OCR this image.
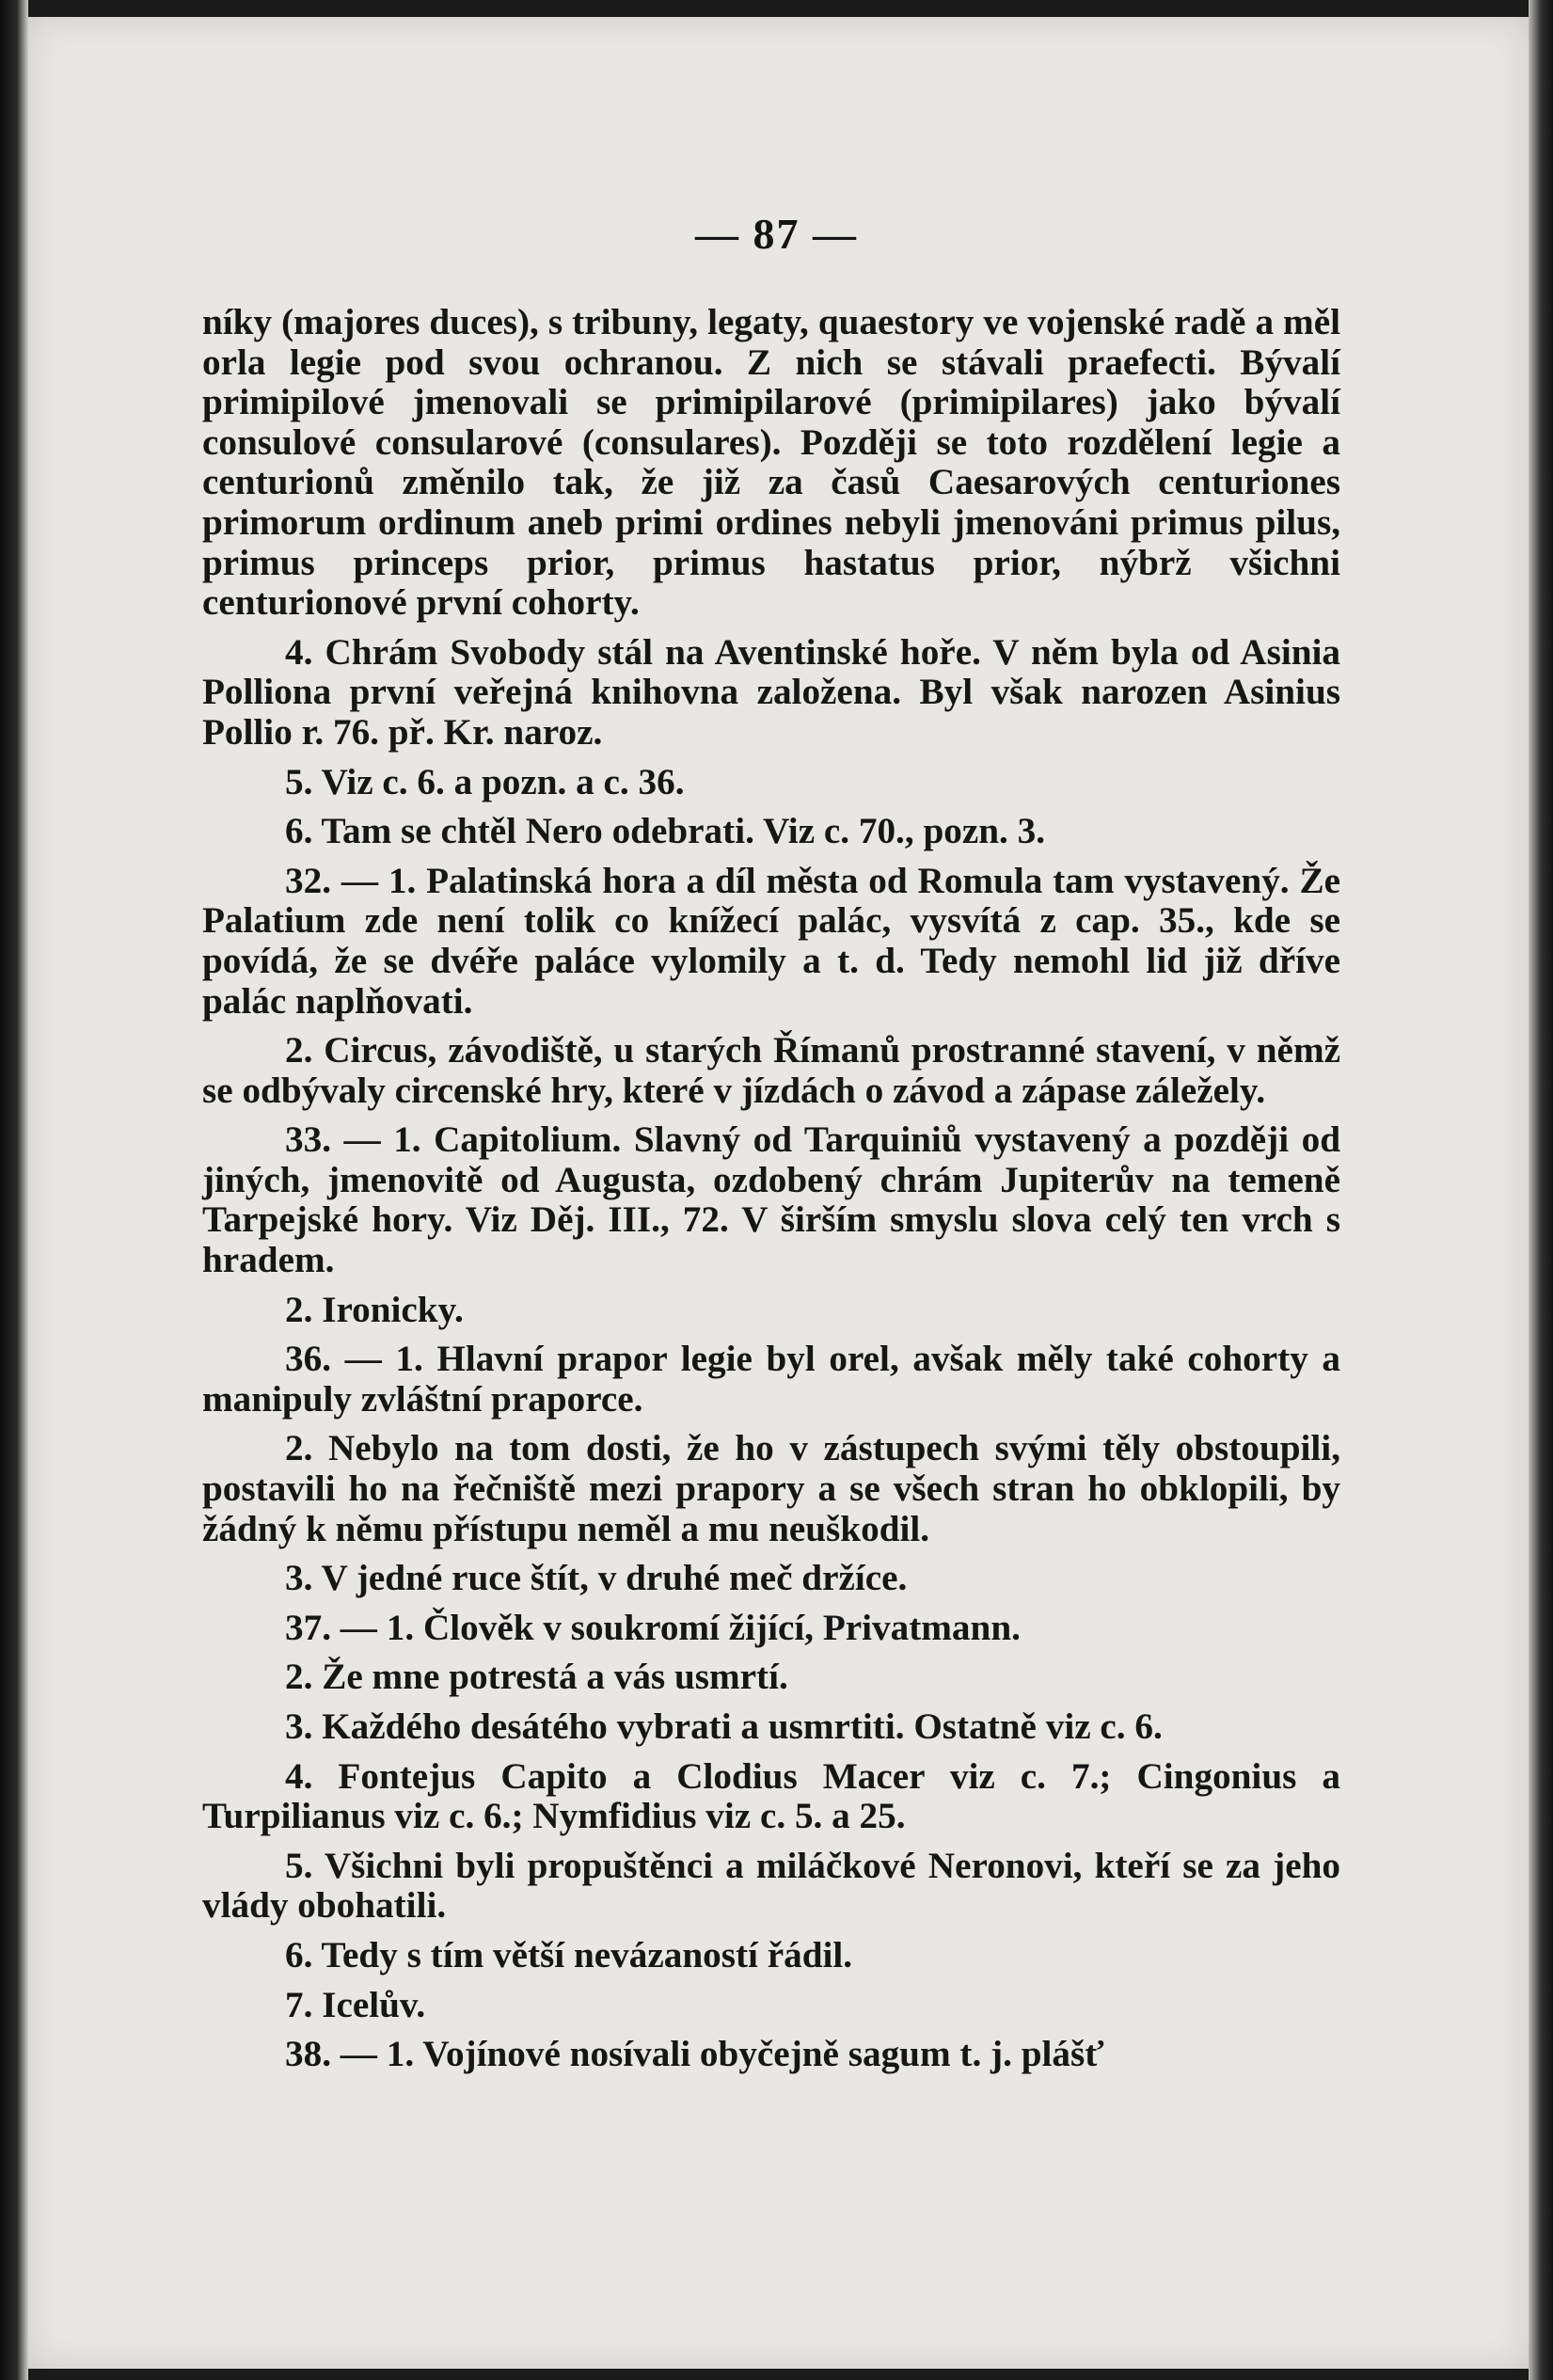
— 87 —

níky (majores duces), s tribuny, legaty, quaestory ve vojenské radě a měl orla legie pod svou ochranou. Z nich se stávali praefecti. Bývalí primipilové jmenovali se primipilarové (primipilares) jako bývalí consulové consularové (consulares). Později se toto rozdělení legie a centurionů změnilo tak, že již za časů Caesarových centuriones primorum ordinum aneb primi ordines nebyli jmenováni primus pilus, primus princeps prior, primus hastatus prior, nýbrž všichni centurionové první cohorty.

4. Chrám Svobody stál na Aventinské hoře. V něm byla od Asinia Polliona první veřejná knihovna založena. Byl však narozen Asinius Pollio r. 76. př. Kr. naroz.

5. Viz c. 6. a pozn. a c. 36.

6. Tam se chtěl Nero odebrati. Viz c. 70., pozn. 3.

32. — 1. Palatinská hora a díl města od Romula tam vystavený. Že Palatium zde není tolik co knížecí palác, vysvítá z cap. 35., kde se povídá, že se dvéře paláce vylomily a t. d. Tedy nemohl lid již dříve palác naplňovati.

2. Circus, závodiště, u starých Římanů prostranné stavení, v němž se odbývaly circenské hry, které v jízdách o závod a zápase záležely.

33. — 1. Capitolium. Slavný od Tarquiniů vystavený a později od jiných, jmenovitě od Augusta, ozdobený chrám Jupiterův na temeně Tarpejské hory. Viz Děj. III., 72. V širším smyslu slova celý ten vrch s hradem.

2. Ironicky.

36. — 1. Hlavní prapor legie byl orel, avšak měly také cohorty a manipuly zvláštní praporce.

2. Nebylo na tom dosti, že ho v zástupech svými těly obstoupili, postavili ho na řečniště mezi prapory a se všech stran ho obklopili, by žádný k němu přístupu neměl a mu neuškodil.

3. V jedné ruce štít, v druhé meč držíce.

37. — 1. Člověk v soukromí žijící, Privatmann.

2. Že mne potrestá a vás usmrtí.

3. Každého desátého vybrati a usmrtiti. Ostatně viz c. 6.

4. Fontejus Capito a Clodius Macer viz c. 7.; Cingonius a Turpilianus viz c. 6.; Nymfidius viz c. 5. a 25.

5. Všichni byli propuštěnci a miláčkové Neronovi, kteří se za jeho vlády obohatili.

6. Tedy s tím větší nevázaností řádil.

7. Icelův.

38. — 1. Vojínové nosívali obyčejně sagum t. j. plášť
